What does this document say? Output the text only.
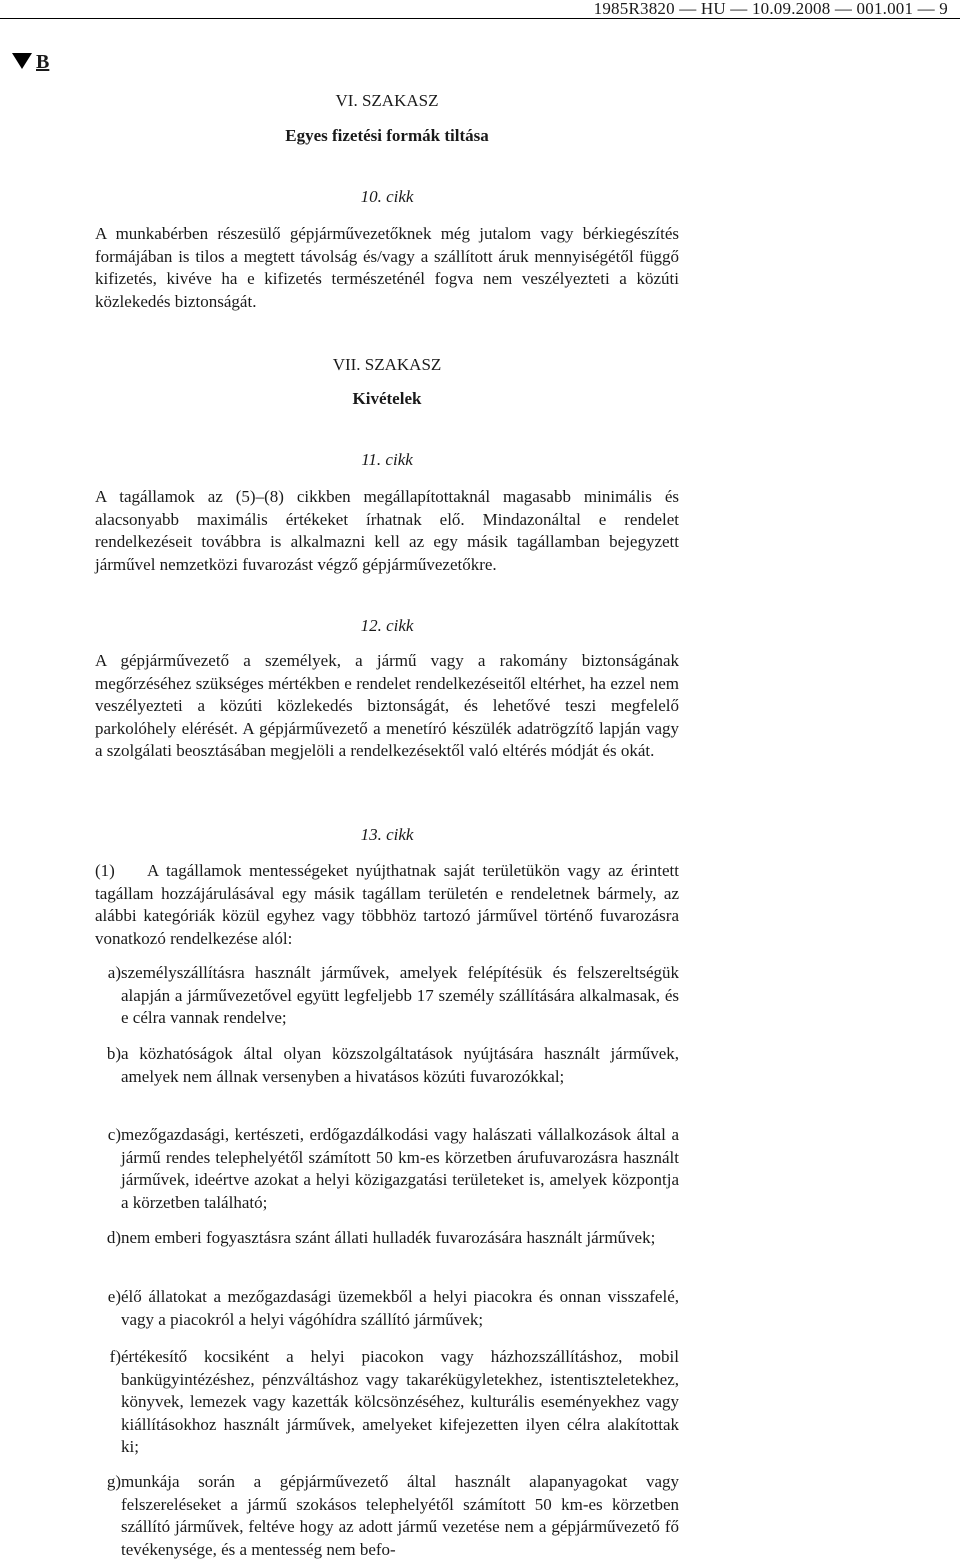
1985R3820 — HU — 10.09.2008 — 001.001 — 9
B
VI. SZAKASZ
Egyes fizetési formák tiltása
10. cikk

A munkabérben részesülő gépjárművezetőknek még jutalom vagy bérkiegészítés formájában is tilos a megtett távolság és/vagy a szállított áruk mennyiségétől függő kifizetés, kivéve ha e kifizetés természeténél fogva nem veszélyezteti a közúti közlekedés biztonságát.

VII. SZAKASZ
Kivételek
11. cikk

A tagállamok az (5)–(8) cikkben megállapítottaknál magasabb minimális és alacsonyabb maximális értékeket írhatnak elő. Mindazonáltal e rendelet rendelkezéseit továbbra is alkalmazni kell az egy másik tagállamban bejegyzett járművel nemzetközi fuvarozást végző gépjárművezetőkre.

12. cikk

A gépjárművezető a személyek, a jármű vagy a rakomány biztonságának megőrzéséhez szükséges mértékben e rendelet rendelkezéseitől eltérhet, ha ezzel nem veszélyezteti a közúti közlekedés biztonságát, és lehetővé teszi megfelelő parkolóhely elérését. A gépjárművezető a menetíró készülék adatrögzítő lapján vagy a szolgálati beosztásában megjelöli a rendelkezésektől való eltérés módját és okát.

13. cikk

(1) A tagállamok mentességeket nyújthatnak saját területükön vagy az érintett tagállam hozzájárulásával egy másik tagállam területén e rendeletnek bármely, az alábbi kategóriák közül egyhez vagy többhöz tartozó járművel történő fuvarozásra vonatkozó rendelkezése alól:

a) személyszállításra használt járművek, amelyek felépítésük és felszereltségük alapján a járművezetővel együtt legfeljebb 17 személy szállítására alkalmasak, és e célra vannak rendelve;
b) a közhatóságok által olyan közszolgáltatások nyújtására használt járművek, amelyek nem állnak versenyben a hivatásos közúti fuvarozókkal;
c) mezőgazdasági, kertészeti, erdőgazdálkodási vagy halászati vállalkozások által a jármű rendes telephelyétől számított 50 km-es körzetben árufuvarozásra használt járművek, ideértve azokat a helyi közigazgatási területeket is, amelyek központja a körzetben található;
d) nem emberi fogyasztásra szánt állati hulladék fuvarozására használt járművek;
e) élő állatokat a mezőgazdasági üzemekből a helyi piacokra és onnan visszafelé, vagy a piacokról a helyi vágóhídra szállító járművek;
f) értékesítő kocsiként a helyi piacokon vagy házhozszállításhoz, mobil bankügyintézéshez, pénzváltáshoz vagy takarékügyletekhez, istentiszteletekhez, könyvek, lemezek vagy kazetták kölcsönzéséhez, kulturális eseményekhez vagy kiállításokhoz használt járművek, amelyeket kifejezetten ilyen célra alakítottak ki;
g) munkája során a gépjárművezető által használt alapanyagokat vagy felszereléseket a jármű szokásos telephelyétől számított 50 km-es körzetben szállító járművek, feltéve hogy az adott jármű vezetése nem a gépjárművezető fő tevékenysége, és a mentesség nem befo-
